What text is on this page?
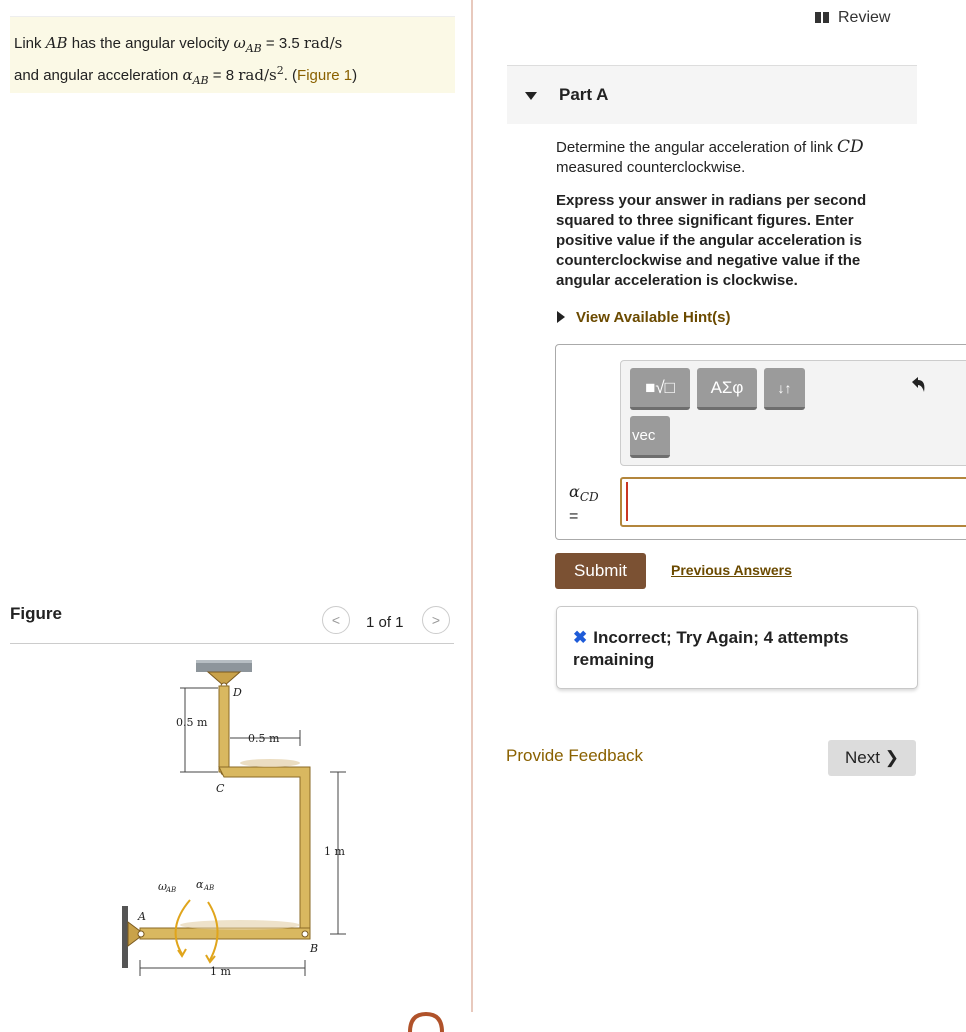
Link AB has the angular velocity $\omega_{AB} = 3.5$ rad/s
and angular acceleration $\alpha_{AB} = 8$ rad/$s^2$. (Figure 1)
Figure	< 1 of 1 >
D
C
B
A
0.5 m
0.5 m
1 m
1 m
ω AB α AB
Review
Part A
Determine the angular acceleration of link CD
measured counterclockwise.
Express your answer in radians per second squared to three significant figures. Enter positive value if the angular acceleration is counterclockwise and negative value if the angular acceleration is clockwise.
View Available Hint(s)
■√□ ΑΣφ ↓↑
vec
$\alpha_{CD}$
=
Submit	Previous Answers
✖ Incorrect; Try Again; 4 attempts remaining
Provide Feedback	Next
❯
